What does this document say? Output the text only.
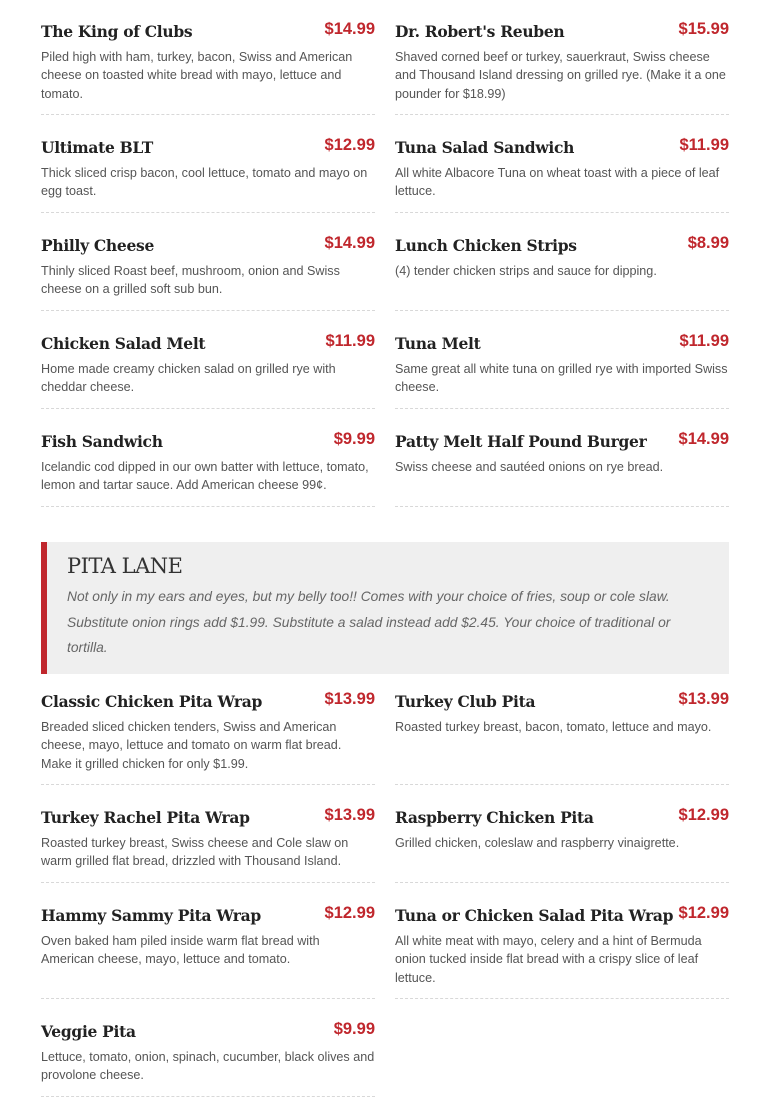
The King of Clubs	$14.99
Piled high with ham, turkey, bacon, Swiss and American cheese on toasted white bread with mayo, lettuce and tomato.
Dr. Robert's Reuben	$15.99
Shaved corned beef or turkey, sauerkraut, Swiss cheese and Thousand Island dressing on grilled rye. (Make it a one pounder for $18.99)
Ultimate BLT	$12.99
Thick sliced crisp bacon, cool lettuce, tomato and mayo on egg toast.
Tuna Salad Sandwich	$11.99
All white Albacore Tuna on wheat toast with a piece of leaf lettuce.
Philly Cheese	$14.99
Thinly sliced Roast beef, mushroom, onion and Swiss cheese on a grilled soft sub bun.
Lunch Chicken Strips	$8.99
(4) tender chicken strips and sauce for dipping.
Chicken Salad Melt	$11.99
Home made creamy chicken salad on grilled rye with cheddar cheese.
Tuna Melt	$11.99
Same great all white tuna on grilled rye with imported Swiss cheese.
Fish Sandwich	$9.99
Icelandic cod dipped in our own batter with lettuce, tomato, lemon and tartar sauce. Add American cheese 99¢.
Patty Melt Half Pound Burger $14.99
Swiss cheese and sautéed onions on rye bread.
PITA LANE
Not only in my ears and eyes, but my belly too!! Comes with your choice of fries, soup or cole slaw. Substitute onion rings add $1.99. Substitute a salad instead add $2.45. Your choice of traditional or tortilla.
Classic Chicken Pita Wrap	$13.99
Breaded sliced chicken tenders, Swiss and American cheese, mayo, lettuce and tomato on warm flat bread. Make it grilled chicken for only $1.99.
Turkey Club Pita	$13.99
Roasted turkey breast, bacon, tomato, lettuce and mayo.
Turkey Rachel Pita Wrap	$13.99
Roasted turkey breast, Swiss cheese and Cole slaw on warm grilled flat bread, drizzled with Thousand Island.
Raspberry Chicken Pita	$12.99
Grilled chicken, coleslaw and raspberry vinaigrette.
Hammy Sammy Pita Wrap	$12.99
Oven baked ham piled inside warm flat bread with American cheese, mayo, lettuce and tomato.
Tuna or Chicken Salad Pita Wrap $12.99
All white meat with mayo, celery and a hint of Bermuda onion tucked inside flat bread with a crispy slice of leaf lettuce.
Veggie Pita	$9.99
Lettuce, tomato, onion, spinach, cucumber, black olives and provolone cheese.
